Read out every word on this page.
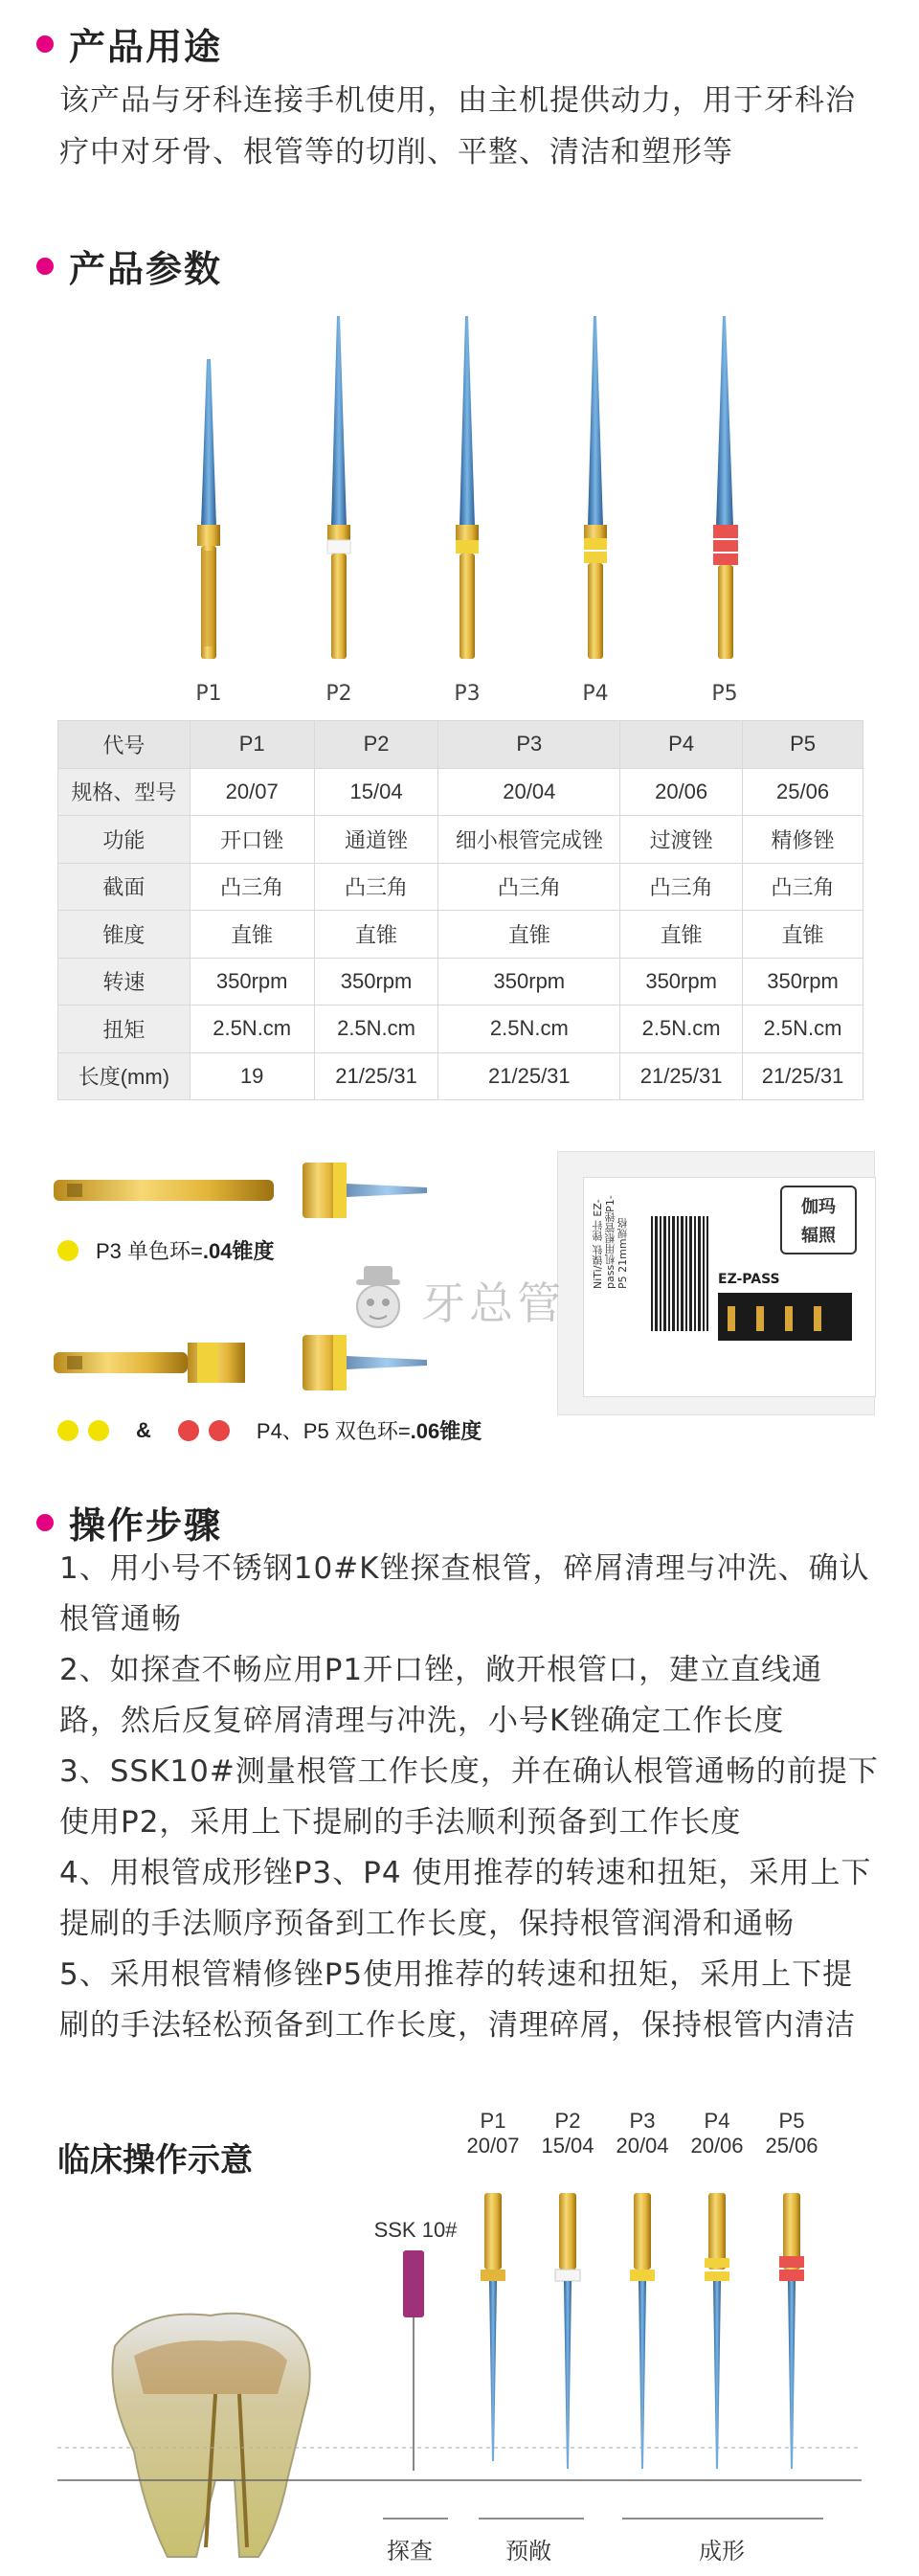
产品用途
该产品与牙科连接手机使用，由主机提供动力，用于牙科治疗中对牙骨、根管等的切削、平整、清洁和塑形等
产品参数
P1	P2	P3	P4	P5
代号	P1	P2	P3	P4	P5
规格、型号	20/07	15/04	20/04	20/06	25/06
功能	开口锉	通道锉	细小根管完成锉	过渡锉	精修锉
截面	凸三角	凸三角	凸三角	凸三角	凸三角
锥度	直锥	直锥	直锥	直锥	直锥
转速	350rpm	350rpm	350rpm	350rpm	350rpm
扭矩	2.5N.cm	2.5N.cm	2.5N.cm	2.5N.cm	2.5N.cm
长度(mm)	19	21/25/31	21/25/31	21/25/31	21/25/31
P3 单色环= .04锥度
&	P4、P5 双色环= .06锥度
NiTi/镍钛 锉针 EZ-pass机用根管锉P1-P5 21mm规格
伽玛
辐照
EZ-PASS
牙总管
操作步骤
1、用小号不锈钢10#K锉探查根管，碎屑清理与冲洗、确认根管通畅
2、如探查不畅应用P1开口锉，敞开根管口，建立直线通路，然后反复碎屑清理与冲洗，小号K锉确定工作长度
3、SSK10#测量根管工作长度，并在确认根管通畅的前提下使用P2，采用上下提刷的手法顺利预备到工作长度
4、用根管成形锉P3、P4 使用推荐的转速和扭矩，采用上下提刷的手法顺序预备到工作长度，保持根管润滑和通畅
5、采用根管精修锉P5使用推荐的转速和扭矩，采用上下提刷的手法轻松预备到工作长度，清理碎屑，保持根管内清洁
临床操作示意
P1
20/07
P2
15/04
P3
20/04
P4
20/06
P5
25/06
SSK 10#
探查	预敞	成形
